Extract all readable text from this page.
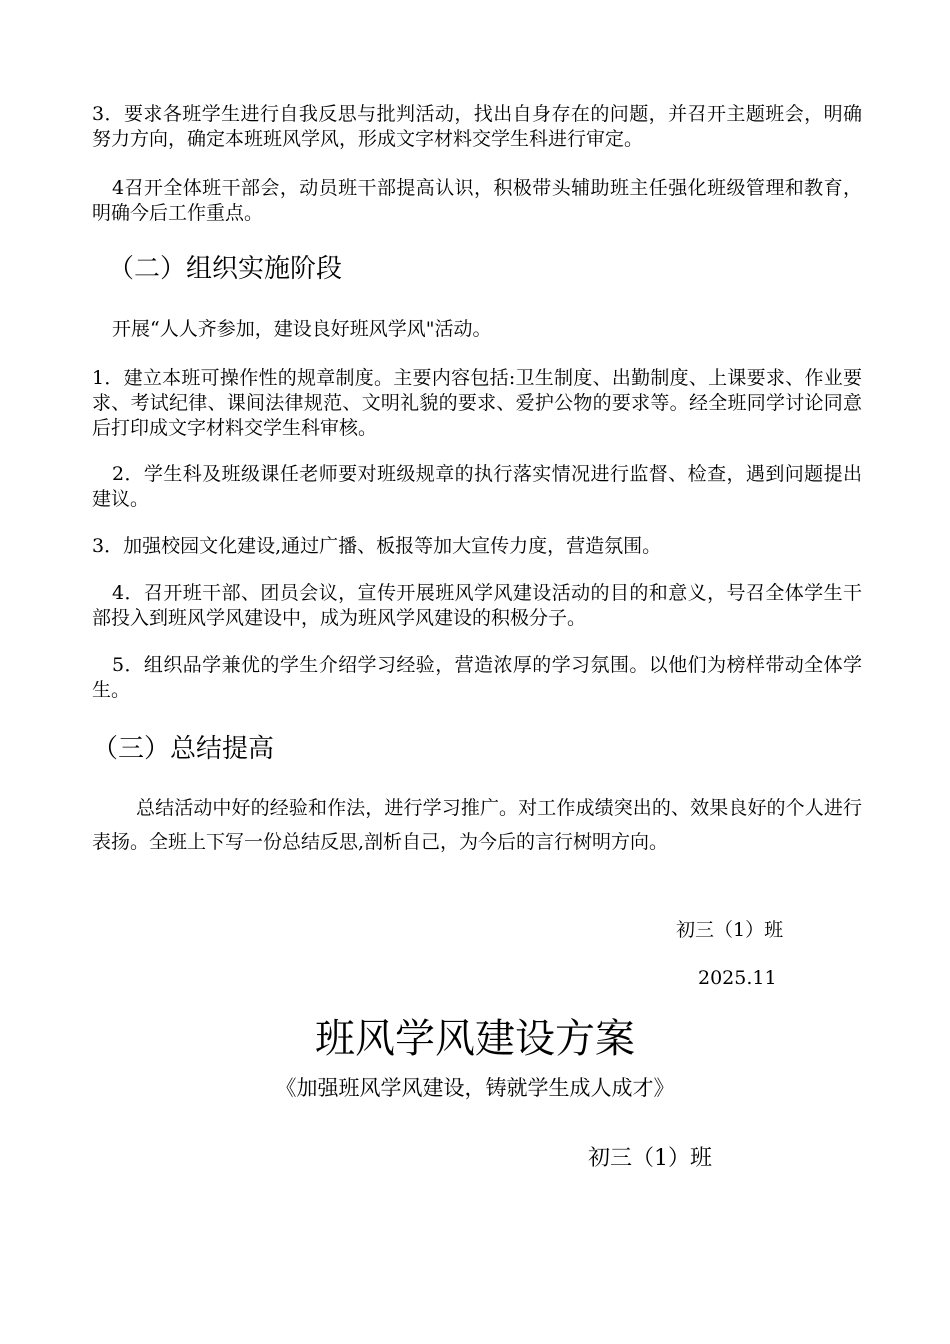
3．要求各班学生进行自我反思与批判活动，找出自身存在的问题，并召开主题班会，明确努力方向，确定本班班风学风，形成文字材料交学生科进行审定。

4召开全体班干部会，动员班干部提高认识，积极带头辅助班主任强化班级管理和教育，明确今后工作重点。

（二）组织实施阶段

开展“人人齐参加，建设良好班风学风"活动。

1．建立本班可操作性的规章制度。主要内容包括:卫生制度、出勤制度、上课要求、作业要求、考试纪律、课间法律规范、文明礼貌的要求、爱护公物的要求等。经全班同学讨论同意后打印成文字材料交学生科审核。

2．学生科及班级课任老师要对班级规章的执行落实情况进行监督、检查，遇到问题提出建议。

3．加强校园文化建设,通过广播、板报等加大宣传力度，营造氛围。

4．召开班干部、团员会议，宣传开展班风学风建设活动的目的和意义，号召全体学生干部投入到班风学风建设中，成为班风学风建设的积极分子。

5．组织品学兼优的学生介绍学习经验，营造浓厚的学习氛围。以他们为榜样带动全体学生。

（三）总结提高

总结活动中好的经验和作法，进行学习推广。对工作成绩突出的、效果良好的个人进行表扬。全班上下写一份总结反思,剖析自己，为今后的言行树明方向。

初三（1）班

2025.11

班风学风建设方案

《加强班风学风建设，铸就学生成人成才》

初三（1）班
